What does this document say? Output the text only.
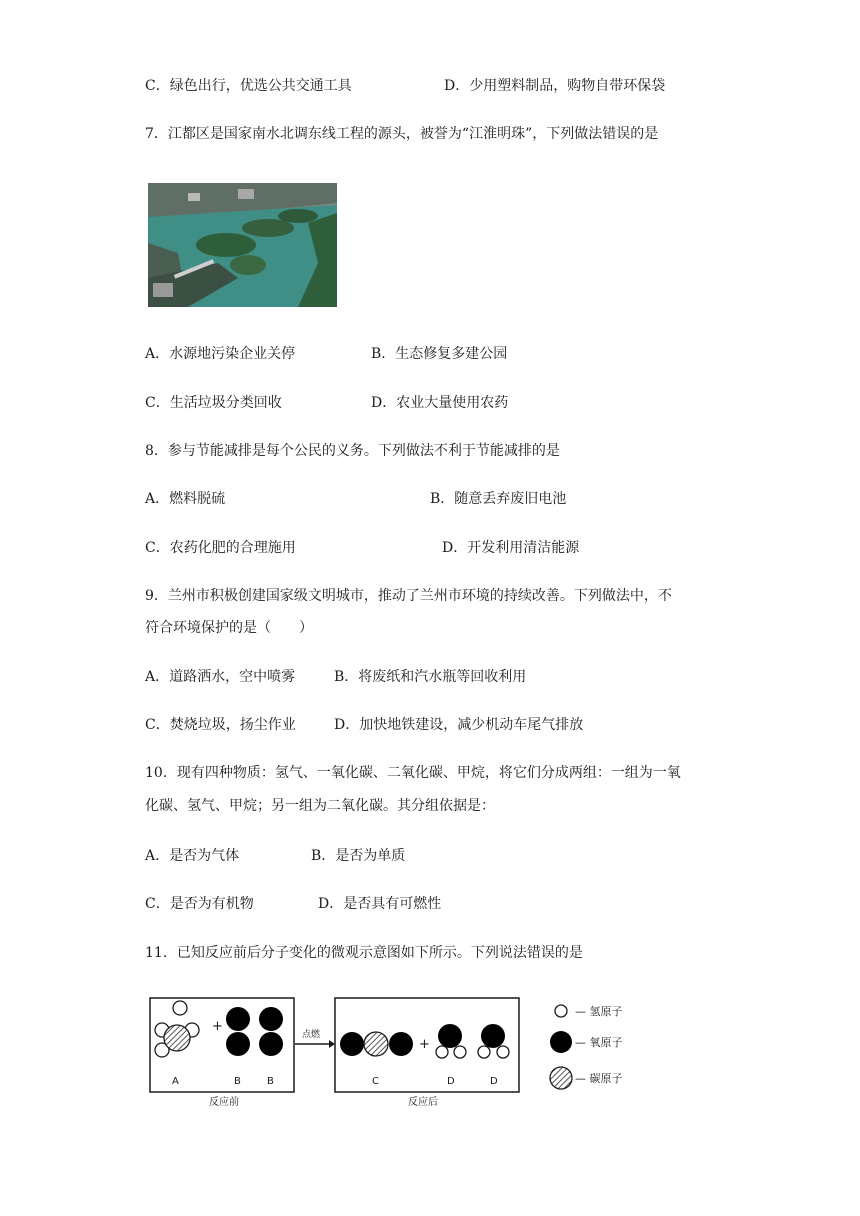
C．绿色出行，优选公共交通工具	D．少用塑料制品，购物自带环保袋
7．江都区是国家南水北调东线工程的源头，被誉为“江淮明珠”，下列做法错误的是
A．水源地污染企业关停	B．生态修复多建公园
C．生活垃圾分类回收	D．农业大量使用农药
8．参与节能减排是每个公民的义务。下列做法不利于节能减排的是
A．燃料脱硫	B．随意丢弃废旧电池
C．农药化肥的合理施用	D．开发利用清洁能源
9．兰州市积极创建国家级文明城市，推动了兰州市环境的持续改善。下列做法中，不
符合环境保护的是（　　）
A．道路洒水，空中喷雾	B．将废纸和汽水瓶等回收利用
C．焚烧垃圾，扬尘作业	D．加快地铁建设，减少机动车尾气排放
10．现有四种物质：氢气、一氧化碳、二氧化碳、甲烷，将它们分成两组：一组为一氧
化碳、氢气、甲烷；另一组为二氧化碳。其分组依据是：
A．是否为气体	B．是否为单质
C．是否为有机物	D．是否具有可燃性
11．已知反应前后分子变化的微观示意图如下所示。下列说法错误的是
+
A	B	B
反应前
点燃
+
C	D	D
反应后
— 氢原子
— 氧原子
— 碳原子
